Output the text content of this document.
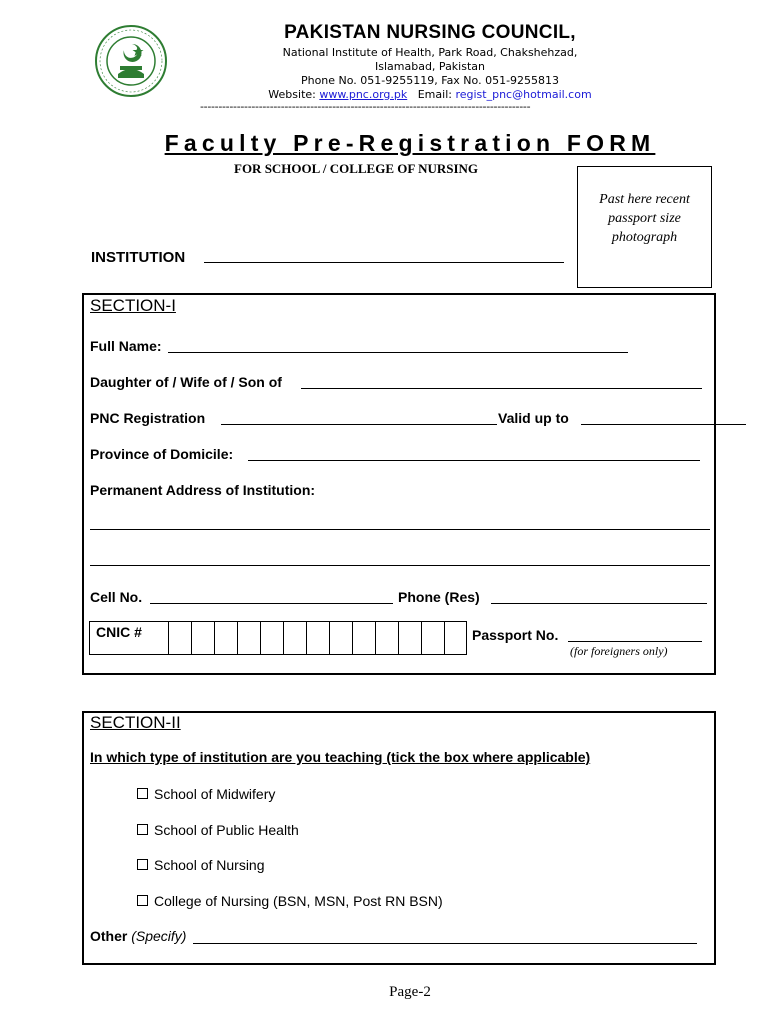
PAKISTAN NURSING COUNCIL,
National Institute of Health, Park Road, Chakshehzad,
Islamabad, Pakistan
Phone No. 051-9255119, Fax No. 051-9255813
Website: www.pnc.org.pk Email: regist_pnc@hotmail.com
------------------------------------------------------------------------------------------
Faculty Pre-Registration FORM
FOR SCHOOL / COLLEGE OF NURSING
Past here recent passport size photograph
INSTITUTION
SECTION-I
Full Name:
Daughter of / Wife of / Son of
PNC Registration	Valid up to
Province of Domicile:
Permanent Address of Institution:
Cell No.	Phone (Res)
CNIC #	Passport No.
(for foreigners only)
SECTION-II
In which type of institution are you teaching (tick the box where applicable)
School of Midwifery
School of Public Health
School of Nursing
College of Nursing (BSN, MSN, Post RN BSN)
Other (Specify)
Page-2
